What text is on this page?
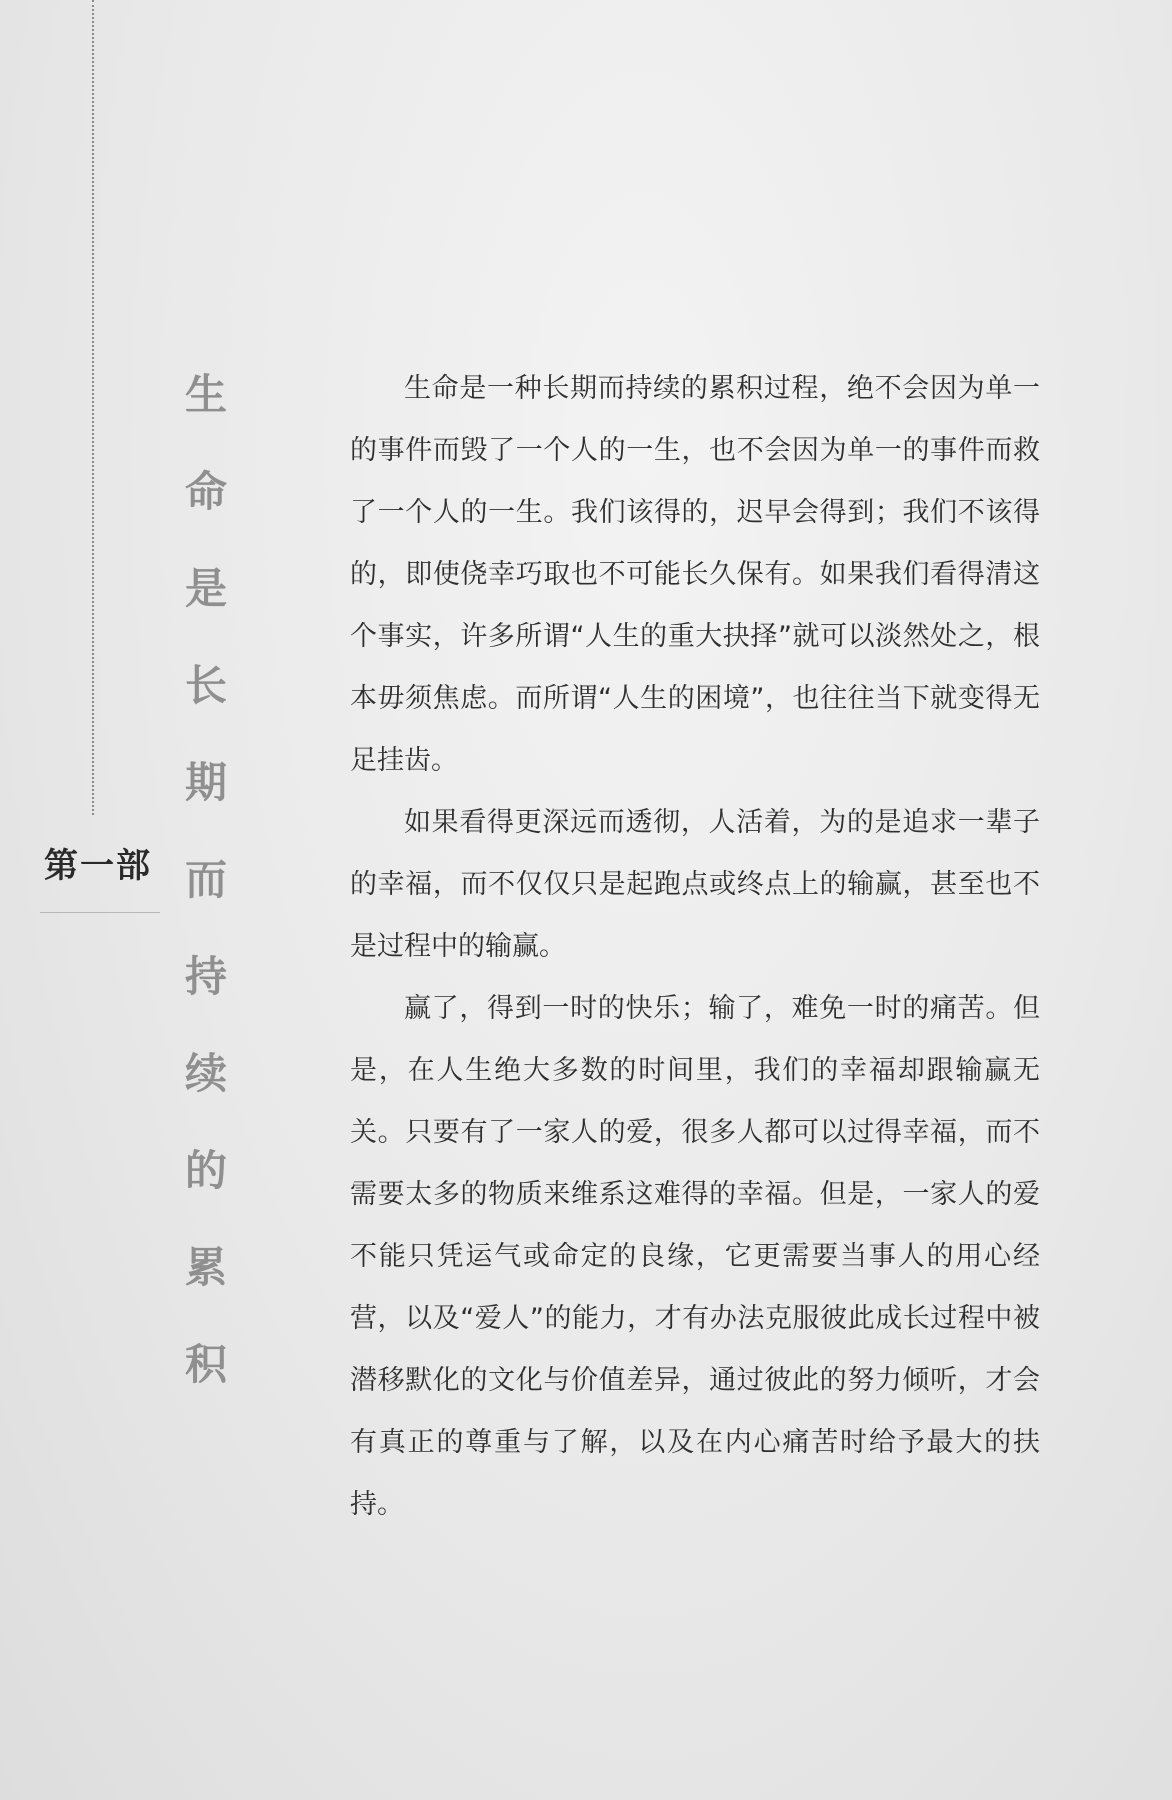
第一部 生命是长期而持续的累积	生命是一种长期而持续的累积过程，绝不会因为单一的事件而毁了一个人的一生，也不会因为单一的事件而救了一个人的一生。我们该得的，迟早会得到；我们不该得的，即使侥幸巧取也不可能长久保有。如果我们看得清这个事实，许多所谓“人生的重大抉择”就可以淡然处之，根本毋须焦虑。而所谓“人生的困境”，也往往当下就变得无足挂齿。

如果看得更深远而透彻，人活着，为的是追求一辈子的幸福，而不仅仅只是起跑点或终点上的输赢，甚至也不是过程中的输赢。

赢了，得到一时的快乐；输了，难免一时的痛苦。但是，在人生绝大多数的时间里，我们的幸福却跟输赢无关。只要有了一家人的爱，很多人都可以过得幸福，而不需要太多的物质来维系这难得的幸福。但是，一家人的爱不能只凭运气或命定的良缘，它更需要当事人的用心经营，以及“爱人”的能力，才有办法克服彼此成长过程中被潜移默化的文化与价值差异，通过彼此的努力倾听，才会有真正的尊重与了解，以及在内心痛苦时给予最大的扶持。
